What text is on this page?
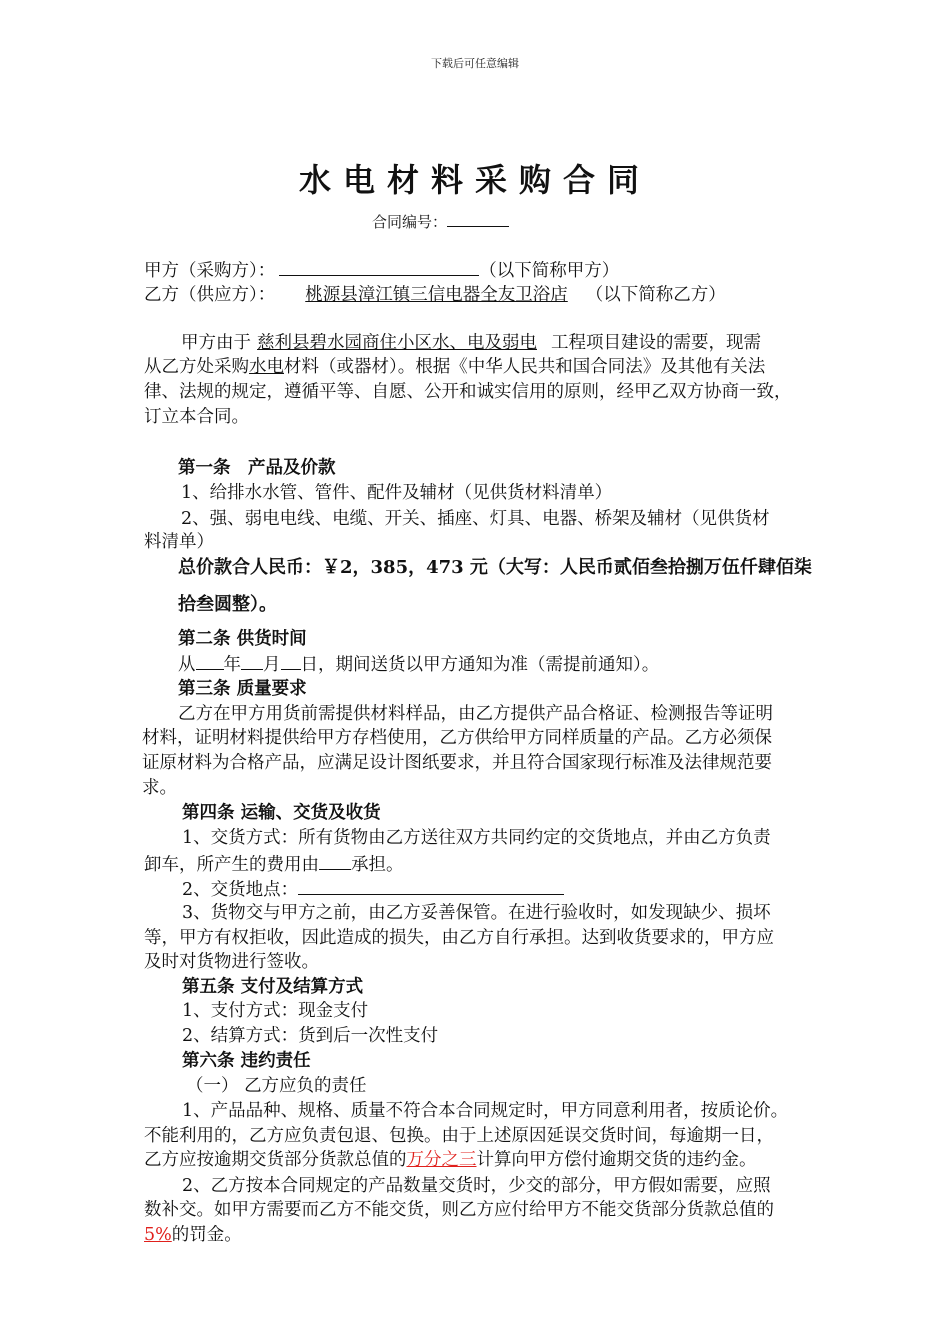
下载后可任意编辑
水电材料采购合同
合同编号：
甲方（采购方）：	（以下简称甲方）
乙方（供应方）： 桃源县漳江镇三信电器全友卫浴店 （以下简称乙方）
甲方由于 慈利县碧水园商住小区水、电及弱电 工程项目建设的需要，现需
从乙方处采购水电材料（或器材）。根据《中华人民共和国合同法》及其他有关法
律、法规的规定，遵循平等、自愿、公开和诚实信用的原则，经甲乙双方协商一致，
订立本合同。
第一条　产品及价款
1、给排水水管、管件、配件及辅材（见供货材料清单）
2、强、弱电电线、电缆、开关、插座、灯具、电器、桥架及辅材（见供货材
料清单）
总价款合人民币：￥2，385，473 元（大写：人民币贰佰叁拾捌万伍仟肆佰柒
拾叁圆整）。
第二条 供货时间
从 年 月 日，期间送货以甲方通知为准（需提前通知）。
第三条 质量要求
乙方在甲方用货前需提供材料样品，由乙方提供产品合格证、检测报告等证明
材料，证明材料提供给甲方存档使用，乙方供给甲方同样质量的产品。乙方必须保
证原材料为合格产品，应满足设计图纸要求，并且符合国家现行标准及法律规范要
求。
第四条 运输、交货及收货
1、交货方式：所有货物由乙方送往双方共同约定的交货地点，并由乙方负责
卸车，所产生的费用由 承担。
2、交货地点：
3、货物交与甲方之前，由乙方妥善保管。在进行验收时，如发现缺少、损坏
等，甲方有权拒收，因此造成的损失，由乙方自行承担。达到收货要求的，甲方应
及时对货物进行签收。
第五条 支付及结算方式
1、支付方式：现金支付
2、结算方式：货到后一次性支付
第六条 违约责任
（一） 乙方应负的责任
1、产品品种、规格、质量不符合本合同规定时，甲方同意利用者，按质论价。
不能利用的，乙方应负责包退、包换。由于上述原因延误交货时间，每逾期一日，
乙方应按逾期交货部分货款总值的万分之三计算向甲方偿付逾期交货的违约金。
2、乙方按本合同规定的产品数量交货时，少交的部分，甲方假如需要，应照
数补交。如甲方需要而乙方不能交货，则乙方应付给甲方不能交货部分货款总值的
5%的罚金。
